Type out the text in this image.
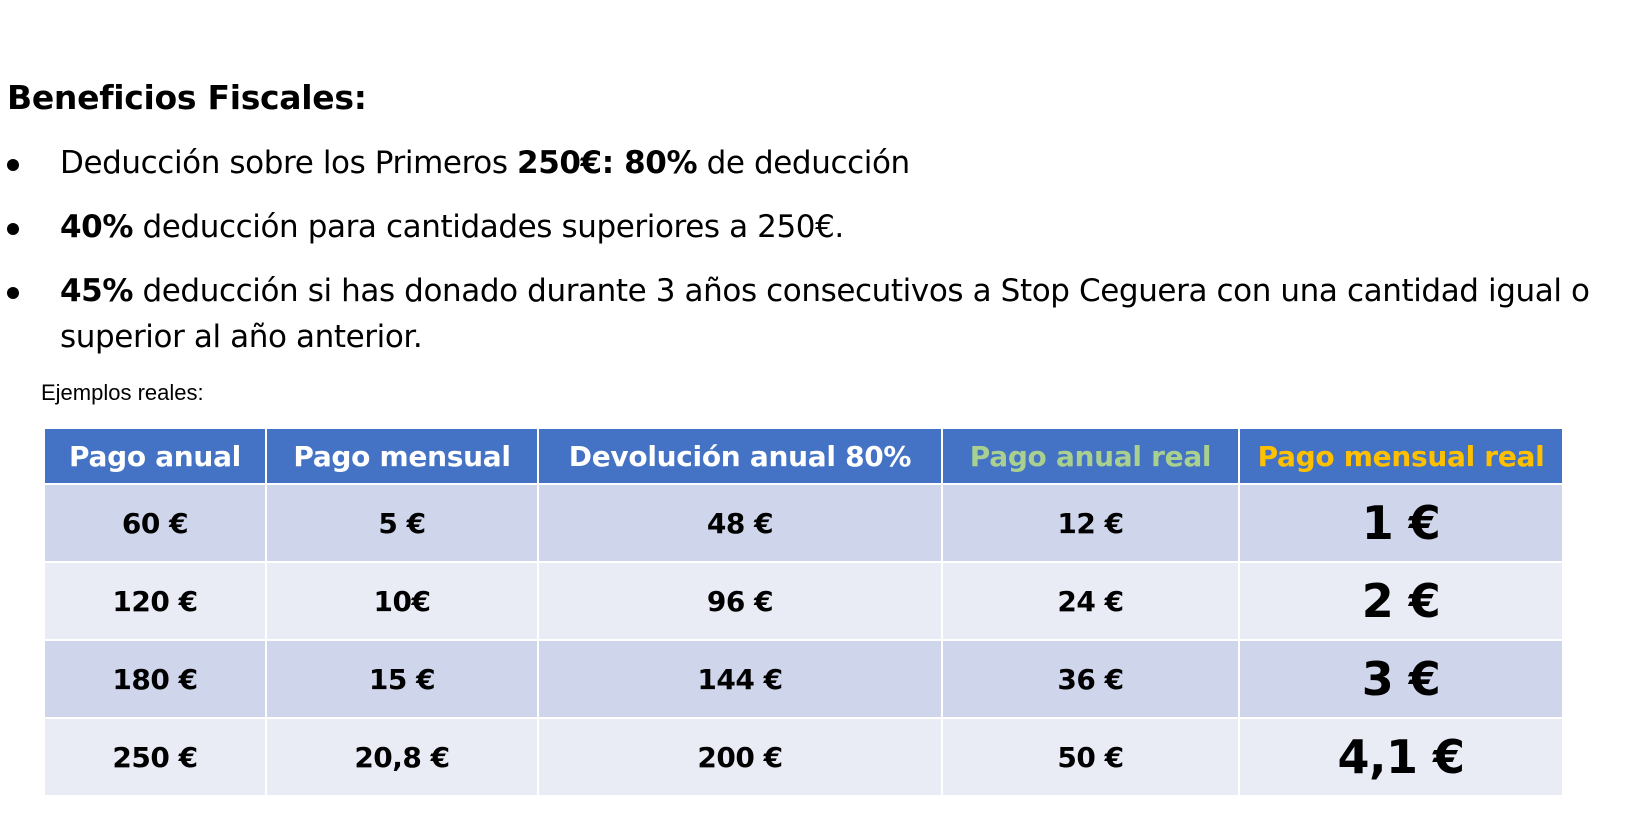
Beneficios Fiscales:
Deducción sobre los Primeros 250€: 80% de deducción
40% deducción para cantidades superiores a 250€.
45% deducción si has donado durante 3 años consecutivos a Stop Ceguera con una cantidad igual o superior al año anterior.
Ejemplos reales:
Pago anual	Pago mensual	Devolución anual 80%	Pago anual real	Pago mensual real
60 €	5 €	48 €	12 €	1 €
120 €	10€	96 €	24 €	2 €
180 €	15 €	144 €	36 €	3 €
250 €	20,8 €	200 €	50 €	4,1 €
